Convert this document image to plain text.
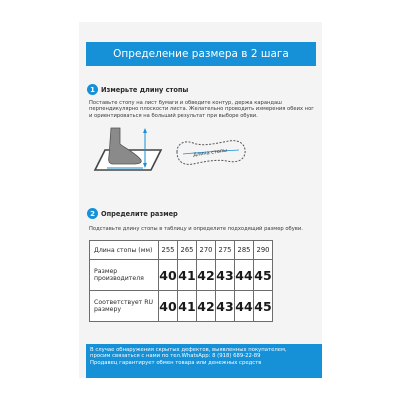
Определение размера в 2 шага
1 Измерьте длину стопы
Поставьте стопу на лист бумаги и обведите контур, держа карандаш перпендикулярно плоскости листа. Желательно проводить измерения обеих ног и ориентироваться на больший результат при выборе обуви.
Длина стопы
2 Определите размер
Подставьте длину стопы в таблицу и определите подходящий размер обуви.
Длина стопы (мм)	255	265	270	275	285	290
Размер производителя	40	41	42	43	44	45
Соответствует RU размеру	40	41	42	43	44	45
В случае обнаружения скрытых дефектов, выявленных покупателем,
просим связаться с нами по тел.WhatsApp: 8 (918) 689-22-89
Продавец гарантирует обмен товара или денежных средств
